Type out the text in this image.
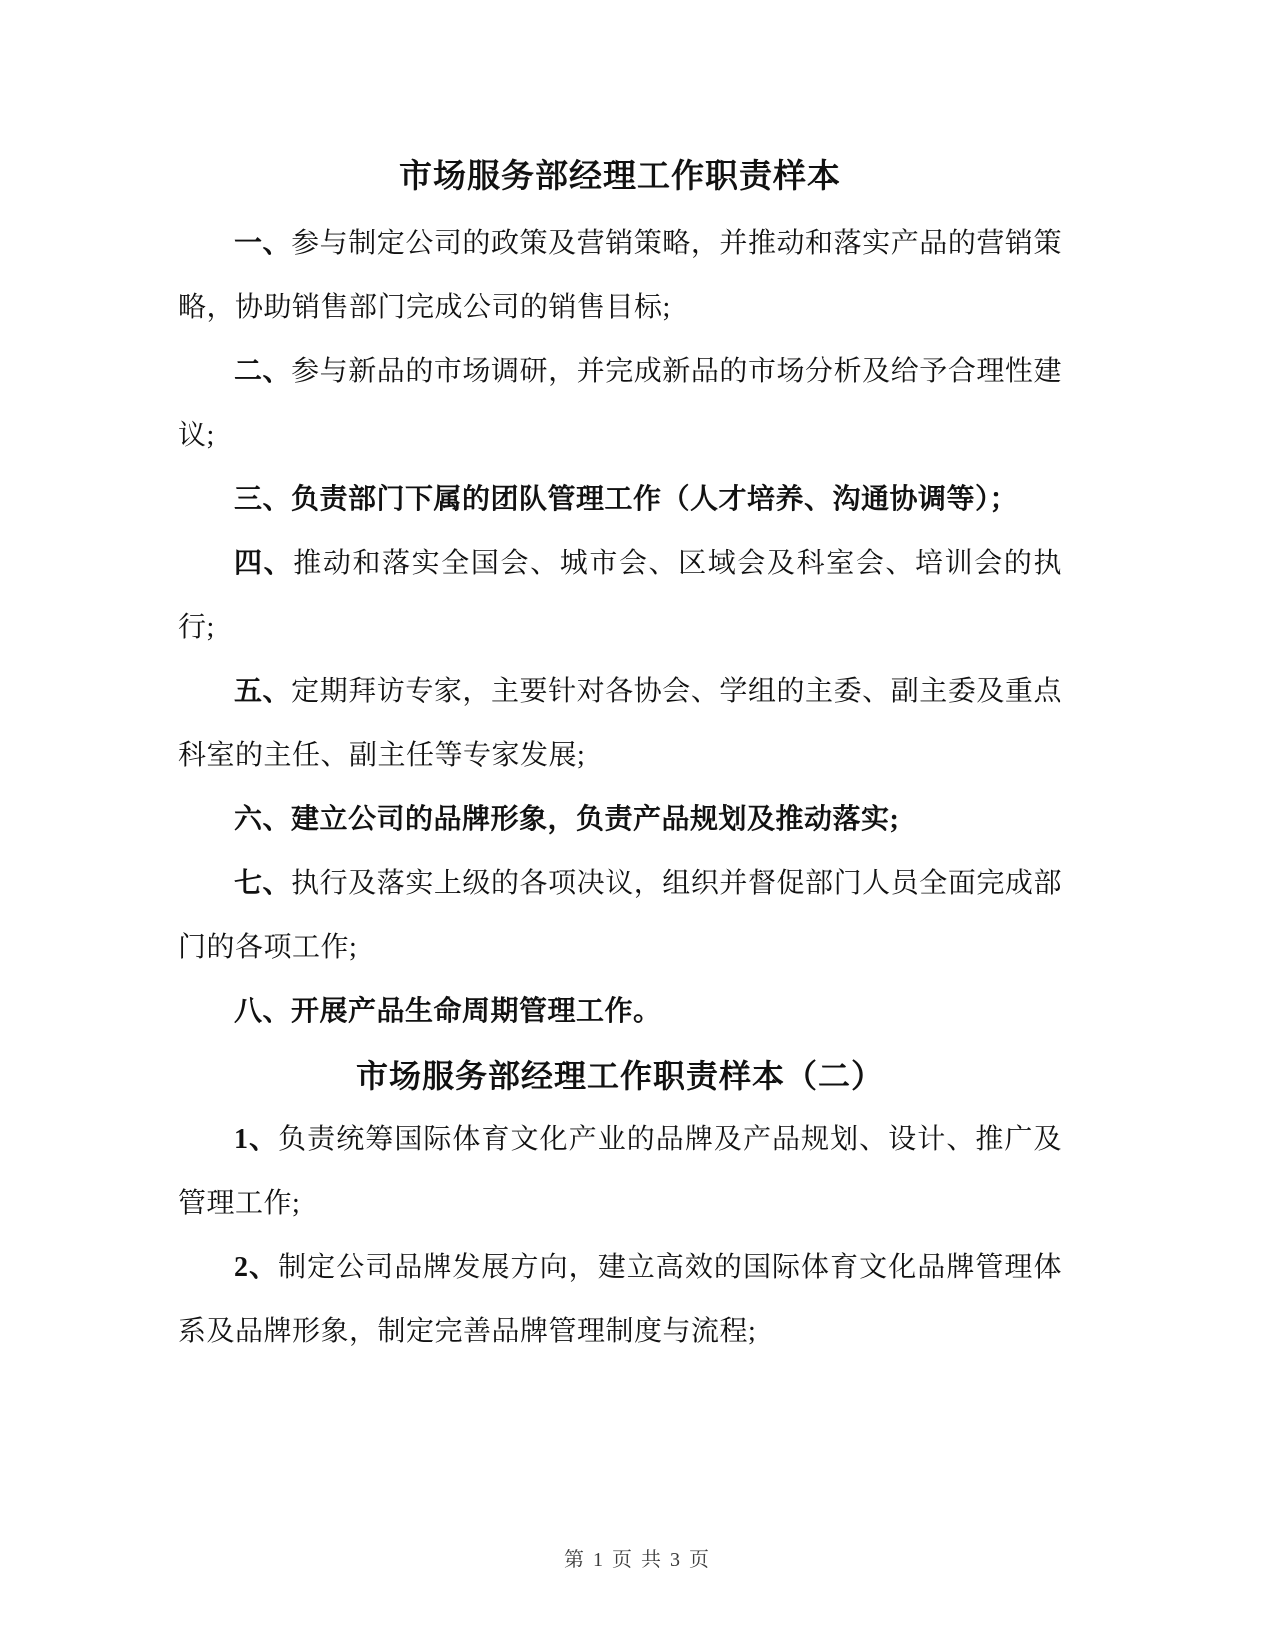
市场服务部经理工作职责样本

一、参与制定公司的政策及营销策略，并推动和落实产品的营销策略，协助销售部门完成公司的销售目标;

二、参与新品的市场调研，并完成新品的市场分析及给予合理性建议;

三、负责部门下属的团队管理工作（人才培养、沟通协调等）；

四、推动和落实全国会、城市会、区域会及科室会、培训会的执行;

五、定期拜访专家，主要针对各协会、学组的主委、副主委及重点科室的主任、副主任等专家发展;

六、建立公司的品牌形象，负责产品规划及推动落实;

七、执行及落实上级的各项决议，组织并督促部门人员全面完成部门的各项工作;

八、开展产品生命周期管理工作。

市场服务部经理工作职责样本（二）

1、负责统筹国际体育文化产业的品牌及产品规划、设计、推广及管理工作;

2、制定公司品牌发展方向，建立高效的国际体育文化品牌管理体系及品牌形象，制定完善品牌管理制度与流程;

第 1 页 共 3 页
